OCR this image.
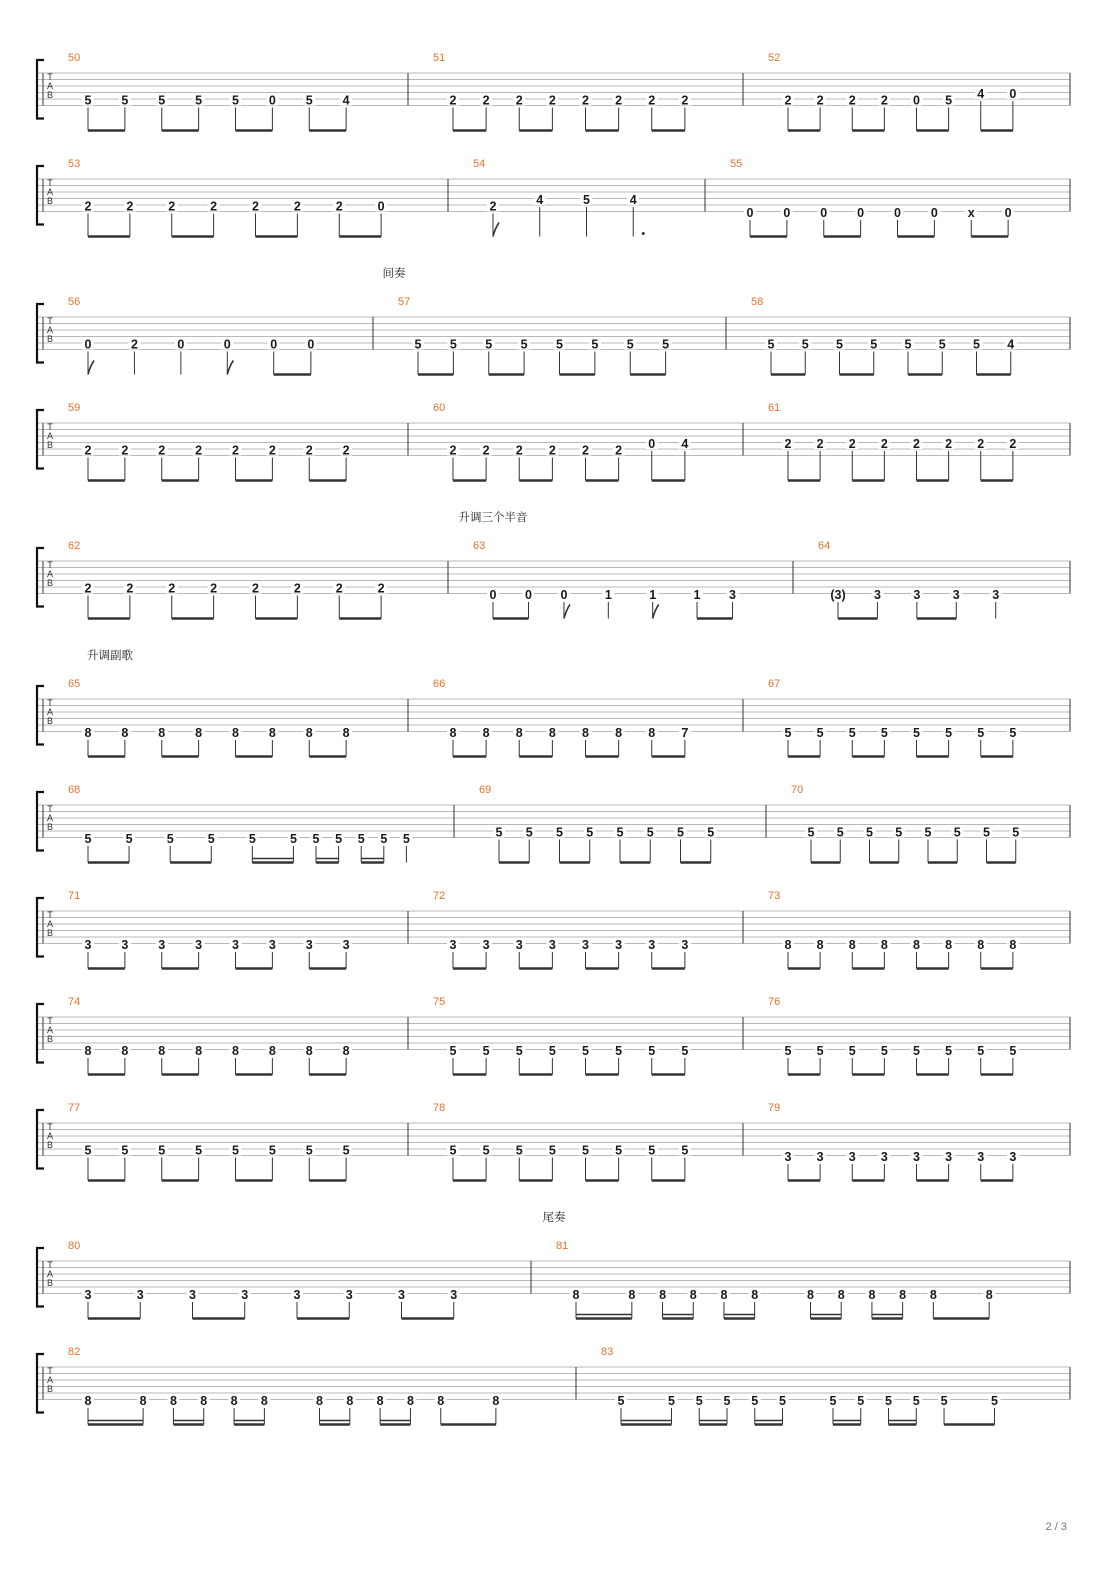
T
A
B
50
5 5 5 5 5 0 5 4
51
2 2 2 2 2 2 2 2
52
2 2 2 2 0 5 4 0
T
A
B
53
2	2	2	2	2	2	2	0
54
2	4	5	4
55
0 0 0 0 0 0 x 0
T
A
B
间奏
56
0	2	0	0	0 0
57
5 5 5 5 5 5 5 5
58
5 5 5 5 5 5 5 4
T
A
B
59
2 2 2 2 2 2 2 2
60
2 2 2 2 2 2 0 4
61
2 2 2 2 2 2 2 2
T
A
B
升调三个半音
62
2	2	2	2	2	2	2	2
63
0 0 0	1	1	1 3
64
(3) 3	3	3	3
T
A
B
升调副歌
65
8 8 8 8 8 8 8 8
66
8 8 8 8 8 8 8 7
67
5 5 5 5 5 5 5 5
T
A
B
68
5	5	5	5	5	5 5 5 5 5 5
69
5 5 5 5 5 5 5 5
70
5 5 5 5 5 5 5 5
T
A
B
71
3 3 3 3 3 3 3 3
72
3 3 3 3 3 3 3 3
73
8 8 8 8 8 8 8 8
T
A
B
74
8 8 8 8 8 8 8 8
75
5 5 5 5 5 5 5 5
76
5 5 5 5 5 5 5 5
T
A
B
77
5 5 5 5 5 5 5 5
78
5 5 5 5 5 5 5 5
79
3 3 3 3 3 3 3 3
T
A
B
尾奏
80
3	3	3	3	3	3	3	3
81
8	8 8 8 8 8	8 8 8 8 8	8
T
A
B
82
8	8 8 8 8 8	8 8 8 8 8	8
83
5	5 5 5 5 5	5 5 5 5 5	5
2 / 3
